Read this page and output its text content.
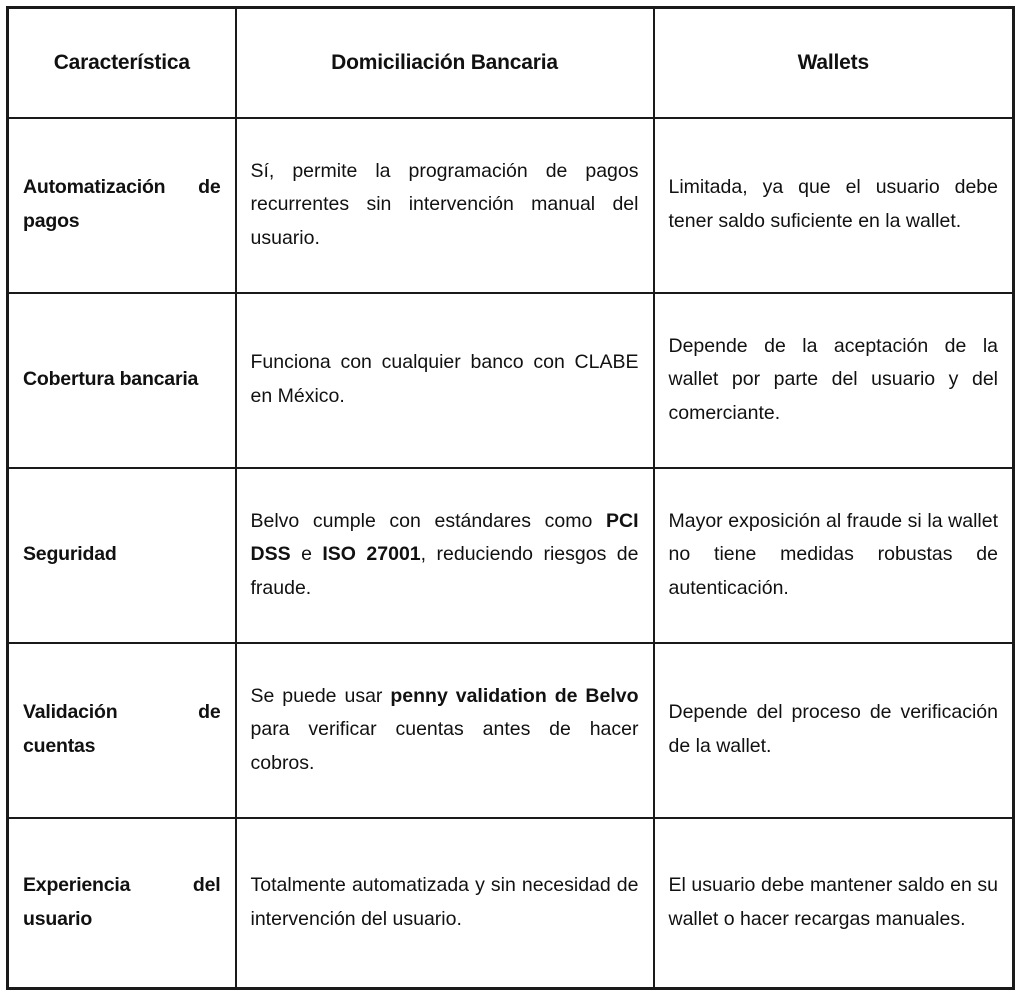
Característica	Domiciliación Bancaria	Wallets

Automatización de pagos	Sí, permite la programación de pagos recurrentes sin intervención manual del usuario.	Limitada, ya que el usuario debe tener saldo suficiente en la wallet.

Cobertura bancaria	Funciona con cualquier banco con CLABE en México.	Depende de la aceptación de la wallet por parte del usuario y del comerciante.

Seguridad	Belvo cumple con estándares como PCI DSS e ISO 27001, reduciendo riesgos de fraude.	Mayor exposición al fraude si la wallet no tiene medidas robustas de autenticación.

Validación de cuentas	Se puede usar penny validation de Belvo para verificar cuentas antes de hacer cobros.	Depende del proceso de verificación de la wallet.

Experiencia del usuario	Totalmente automatizada y sin necesidad de intervención del usuario.	El usuario debe mantener saldo en su wallet o hacer recargas manuales.
